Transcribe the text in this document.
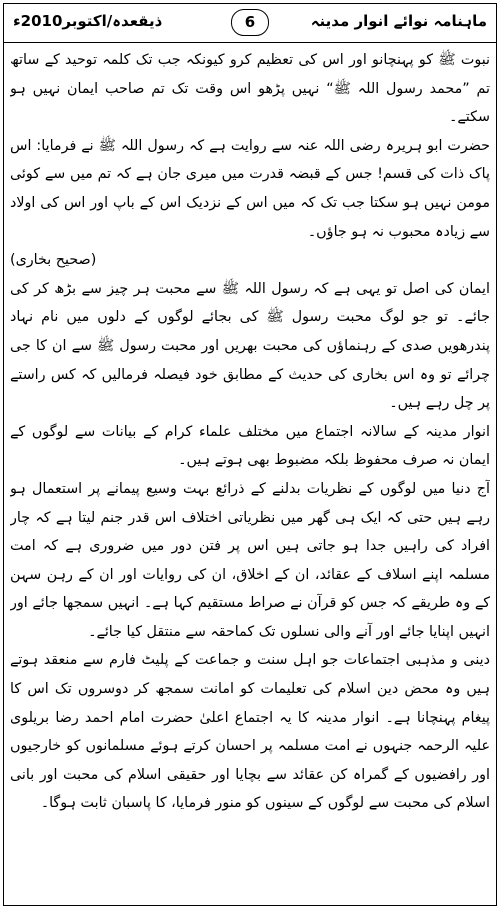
ماہنامہ نوائے انوار مدینہ
6
ذیقعدہ/اکتوبر2010ء

نبوت ﷺ کو پہنچانو اور اس کی تعظیم کرو کیونکہ جب تک کلمہ توحید کے ساتھ تم ”محمد رسول اللہ ﷺ“ نہیں پڑھو اس وقت تک تم صاحب ایمان نہیں ہو سکتے۔

حضرت ابو ہریرہ رضی اللہ عنہ سے روایت ہے کہ رسول اللہ ﷺ نے فرمایا: اس پاک ذات کی قسم! جس کے قبضہ قدرت میں میری جان ہے کہ تم میں سے کوئی مومن نہیں ہو سکتا جب تک کہ میں اس کے نزدیک اس کے باپ اور اس کی اولاد سے زیادہ محبوب نہ ہو جاؤں۔

(صحیح بخاری)

ایمان کی اصل تو یہی ہے کہ رسول اللہ ﷺ سے محبت ہر چیز سے بڑھ کر کی جائے۔ تو جو لوگ محبت رسول ﷺ کی بجائے لوگوں کے دلوں میں نام نہاد پندرھویں صدی کے رہنماؤں کی محبت بھریں اور محبت رسول ﷺ سے ان کا جی چرائے تو وہ اس بخاری کی حدیث کے مطابق خود فیصلہ فرمالیں کہ کس راستے پر چل رہے ہیں۔

انوار مدینہ کے سالانہ اجتماع میں مختلف علماء کرام کے بیانات سے لوگوں کے ایمان نہ صرف محفوظ بلکہ مضبوط بھی ہوتے ہیں۔

آج دنیا میں لوگوں کے نظریات بدلنے کے ذرائع بہت وسیع پیمانے پر استعمال ہو رہے ہیں حتی کہ ایک ہی گھر میں نظریاتی اختلاف اس قدر جنم لیتا ہے کہ چار افراد کی راہیں جدا ہو جاتی ہیں اس پر فتن دور میں ضروری ہے کہ امت مسلمہ اپنے اسلاف کے عقائد، ان کے اخلاق، ان کی روایات اور ان کے رہن سہن کے وہ طریقے کہ جس کو قرآن نے صراط مستقیم کہا ہے۔ انہیں سمجھا جائے اور انہیں اپنایا جائے اور آنے والی نسلوں تک کماحقہ سے منتقل کیا جائے۔

دینی و مذہبی اجتماعات جو اہل سنت و جماعت کے پلیٹ فارم سے منعقد ہوتے ہیں وہ محض دین اسلام کی تعلیمات کو امانت سمجھ کر دوسروں تک اس کا پیغام پہنچانا ہے۔ انوار مدینہ کا یہ اجتماع اعلیٰ حضرت امام احمد رضا بریلوی علیہ الرحمہ جنہوں نے امت مسلمہ پر احسان کرتے ہوئے مسلمانوں کو خارجیوں اور رافضیوں کے گمراہ کن عقائد سے بچایا اور حقیقی اسلام کی محبت اور بانی اسلام کی محبت سے لوگوں کے سینوں کو منور فرمایا، کا پاسبان ثابت ہوگا۔
